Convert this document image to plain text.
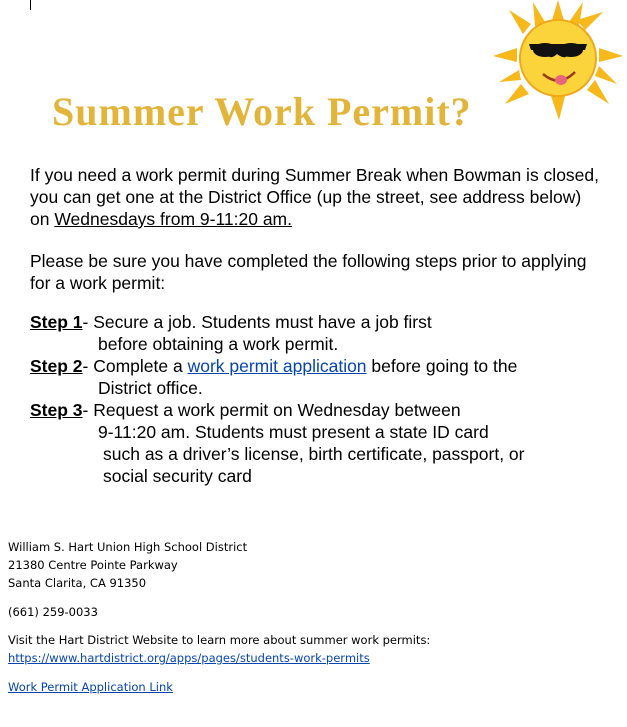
Summer Work Permit?
If you need a work permit during Summer Break when Bowman is closed, you can get one at the District Office (up the street, see address below) on Wednesdays from 9-11:20 am.
Please be sure you have completed the following steps prior to applying for a work permit:
Step 1- Secure a job. Students must have a job first
before obtaining a work permit.
Step 2- Complete a work permit application before going to the
District office.
Step 3- Request a work permit on Wednesday between
9-11:20 am. Students must present a state ID card
such as a driver’s license, birth certificate, passport, or
social security card
William S. Hart Union High School District
21380 Centre Pointe Parkway
Santa Clarita, CA 91350
(661) 259-0033
Visit the Hart District Website to learn more about summer work permits:
https://www.hartdistrict.org/apps/pages/students-work-permits
Work Permit Application Link
